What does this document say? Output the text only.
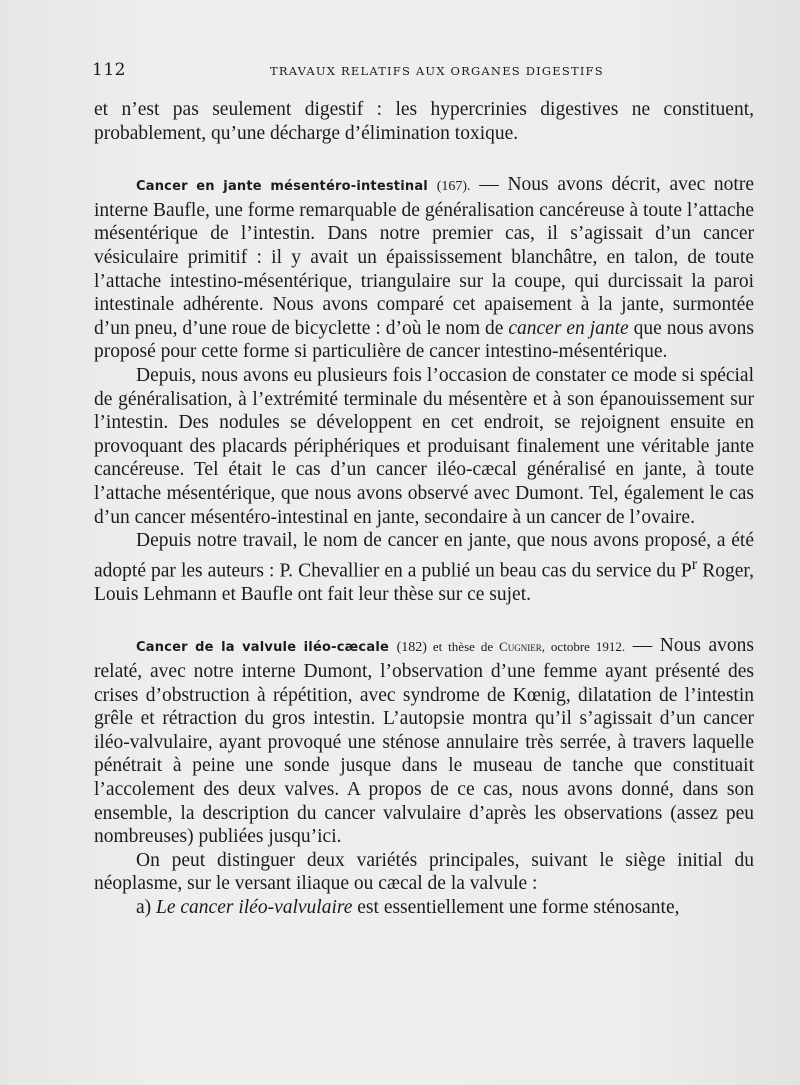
112	TRAVAUX RELATIFS AUX ORGANES DIGESTIFS

et n’est pas seulement digestif : les hypercrinies digestives ne constituent, probablement, qu’une décharge d’élimination toxique.

Cancer en jante mésentéro-intestinal (167). — Nous avons décrit, avec notre interne Baufle, une forme remarquable de généralisation cancéreuse à toute l’attache mésentérique de l’intestin. Dans notre premier cas, il s’agissait d’un cancer vésiculaire primitif : il y avait un épaississement blanchâtre, en talon, de toute l’attache intestino-mésentérique, triangulaire sur la coupe, qui durcissait la paroi intestinale adhérente. Nous avons comparé cet apaisement à la jante, surmontée d’un pneu, d’une roue de bicyclette : d’où le nom de cancer en jante que nous avons proposé pour cette forme si particulière de cancer intestino-mésentérique.

Depuis, nous avons eu plusieurs fois l’occasion de constater ce mode si spécial de généralisation, à l’extrémité terminale du mésentère et à son épanouissement sur l’intestin. Des nodules se développent en cet endroit, se rejoignent ensuite en provoquant des placards périphériques et produisant finalement une véritable jante cancéreuse. Tel était le cas d’un cancer iléo-cæcal généralisé en jante, à toute l’attache mésentérique, que nous avons observé avec Dumont. Tel, également le cas d’un cancer mésentéro-intestinal en jante, secondaire à un cancer de l’ovaire.

Depuis notre travail, le nom de cancer en jante, que nous avons proposé, a été adopté par les auteurs : P. Chevallier en a publié un beau cas du service du $P^r$ Roger, Louis Lehmann et Baufle ont fait leur thèse sur ce sujet.

Cancer de la valvule iléo-cæcale (182) et thèse de Cugnier, octobre 1912. — Nous avons relaté, avec notre interne Dumont, l’observation d’une femme ayant présenté des crises d’obstruction à répétition, avec syndrome de Kœnig, dilatation de l’intestin grêle et rétraction du gros intestin. L’autopsie montra qu’il s’agissait d’un cancer iléo-valvulaire, ayant provoqué une sténose annulaire très serrée, à travers laquelle pénétrait à peine une sonde jusque dans le museau de tanche que constituait l’accolement des deux valves. A propos de ce cas, nous avons donné, dans son ensemble, la description du cancer valvulaire d’après les observations (assez peu nombreuses) publiées jusqu’ici.

On peut distinguer deux variétés principales, suivant le siège initial du néoplasme, sur le versant iliaque ou cæcal de la valvule :

a) Le cancer iléo-valvulaire est essentiellement une forme sténosante,
